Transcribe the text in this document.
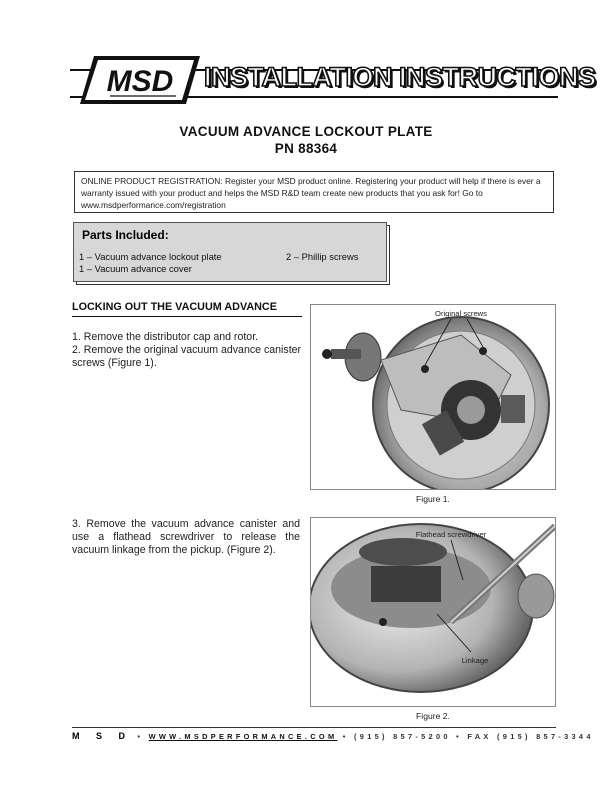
MSD INSTALLATION INSTRUCTIONS
VACUUM ADVANCE LOCKOUT PLATE
PN 88364
ONLINE PRODUCT REGISTRATION: Register your MSD product online. Registering your product will help if there is ever a warranty issued with your product and helps the MSD R&D team create new products that you ask for! Go to www.msdperformance.com/registration
Parts Included:
1 – Vacuum advance lockout plate
1 – Vacuum advance cover
2 – Phillip screws
LOCKING OUT THE VACUUM ADVANCE
1. Remove the distributor cap and rotor.
2. Remove the original vacuum advance canister screws (Figure 1).
3. Remove the vacuum advance canister and use a flathead screwdriver to release the vacuum linkage from the pickup. (Figure 2).
Original screws
Figure 1.
Flathead screwdriver
Linkage
Figure 2.
M S D • WWW.MSDPERFORMANCE.COM • (915) 857-5200 • FAX (915) 857-3344
